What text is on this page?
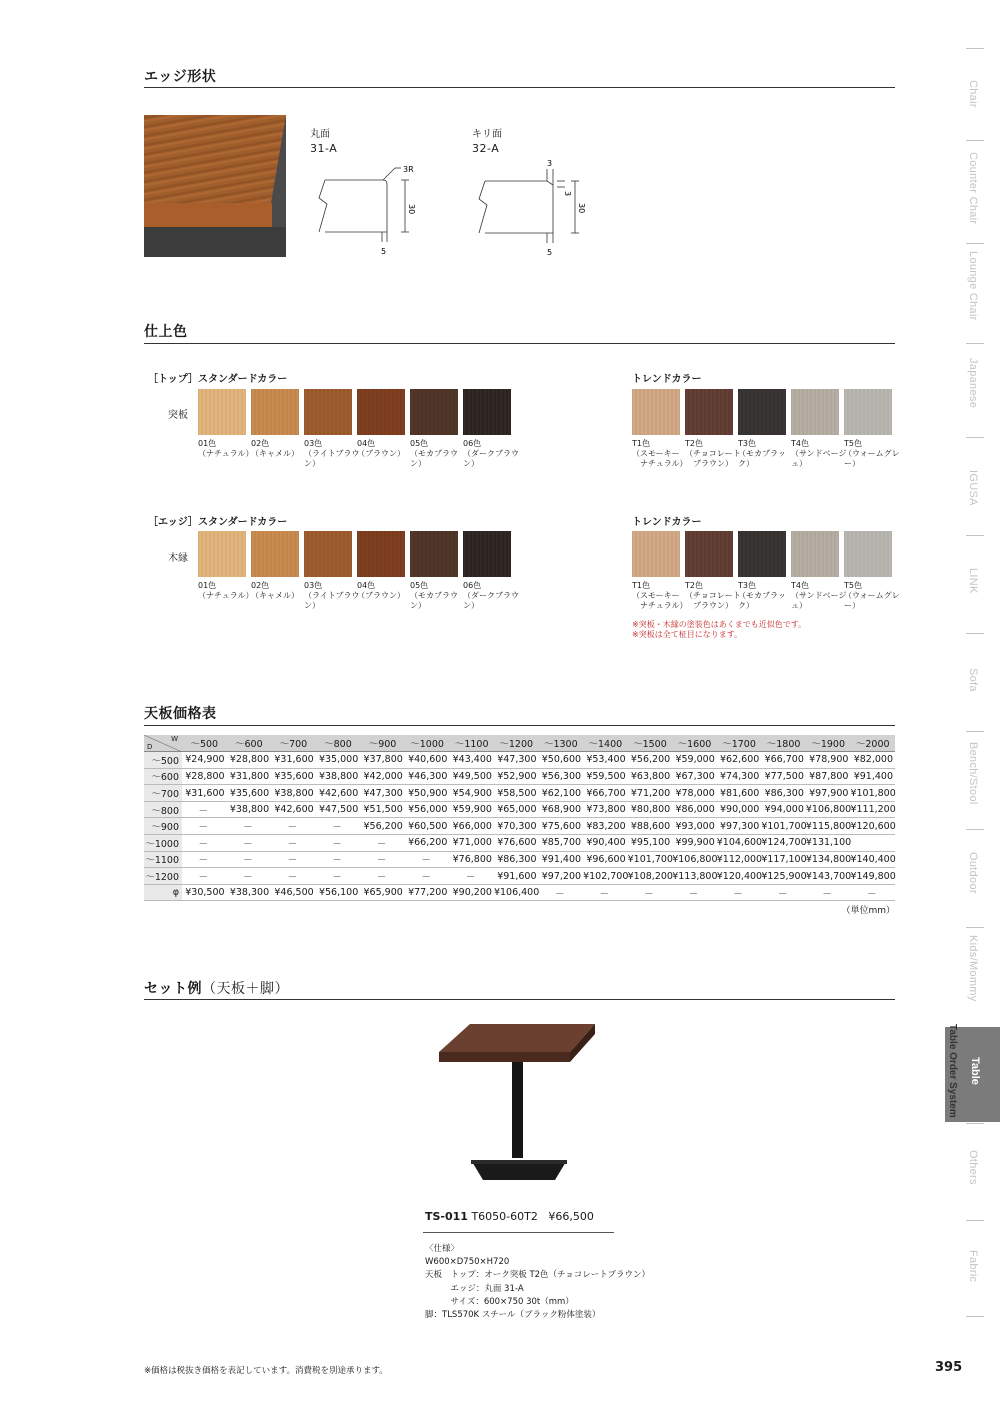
エッジ形状
丸面
31-A
3R
30
5
キリ面
32-A
3
3
30
5
仕上色
［トップ］ スタンダードカラー	トレンドカラー
突板
01色
（ナチュラル）
02色
（キャメル）
03色
（ライトブラウン）
04色
（ブラウン）
05色
（モカブラウン）
06色
（ダークブラウン）
T1色
（スモーキー
　ナチュラル）
T2色
（チョコレート
　ブラウン）
T3色
（モカブラック）
T4色
（サンドベージュ）
T5色
（ウォームグレー）
［エッジ］ スタンダードカラー	トレンドカラー
木縁
01色
（ナチュラル）
02色
（キャメル）
03色
（ライトブラウン）
04色
（ブラウン）
05色
（モカブラウン）
06色
（ダークブラウン）
T1色
（スモーキー
　ナチュラル）
T2色
（チョコレート
　ブラウン）
T3色
（モカブラック）
T4色
（サンドベージュ）
T5色
（ウォームグレー）
※突板・木縁の塗装色はあくまでも近似色です。
※突板は全て柾目になります。
天板価格表
W
D	～500	～600	～700	～800	～900	～1000	～1100	～1200	～1300	～1400	～1500	～1600	～1700	～1800	～1900	～2000
～500	¥24,900	¥28,800	¥31,600	¥35,000	¥37,800	¥40,600	¥43,400	¥47,300	¥50,600	¥53,400	¥56,200	¥59,000	¥62,600	¥66,700	¥78,900	¥82,000
～600	¥28,800	¥31,800	¥35,600	¥38,800	¥42,000	¥46,300	¥49,500	¥52,900	¥56,300	¥59,500	¥63,800	¥67,300	¥74,300	¥77,500	¥87,800	¥91,400
～700	¥31,600	¥35,600	¥38,800	¥42,600	¥47,300	¥50,900	¥54,900	¥58,500	¥62,100	¥66,700	¥71,200	¥78,000	¥81,600	¥86,300	¥97,900	¥101,800
～800	－	¥38,800	¥42,600	¥47,500	¥51,500	¥56,000	¥59,900	¥65,000	¥68,900	¥73,800	¥80,800	¥86,000	¥90,000	¥94,000	¥106,800	¥111,200
～900	－	－	－	－	¥56,200	¥60,500	¥66,000	¥70,300	¥75,600	¥83,200	¥88,600	¥93,000	¥97,300	¥101,700	¥115,800	¥120,600
～1000	－	－	－	－	－	¥66,200	¥71,000	¥76,600	¥85,700	¥90,400	¥95,100	¥99,900	¥104,600	¥124,700	¥131,100	
～1100	－	－	－	－	－	－	¥76,800	¥86,300	¥91,400	¥96,600	¥101,700	¥106,800	¥112,000	¥117,100	¥134,800	¥140,400
～1200	－	－	－	－	－	－	－	¥91,600	¥97,200	¥102,700	¥108,200	¥113,800	¥120,400	¥125,900	¥143,700	¥149,800
φ	¥30,500	¥38,300	¥46,500	¥56,100	¥65,900	¥77,200	¥90,200	¥106,400	－	－	－	－	－	－	－	－
（単位mm）
セット例（天板＋脚）
TS-011 T6050-60T2 ¥66,500
〈仕様〉
W600×D750×H720
天板　トップ：オーク突板 T2色（チョコレートブラウン）
　　　エッジ：丸面 31-A
　　　サイズ：600×750 30t（mm）
脚：TLS570K スチール（ブラック粉体塗装）
※価格は税抜き価格を表記しています。消費税を別途承ります。	395
Chair
Counter Chair
Lounge Chair
Japanese
IGUSA
LINK
Sofa
Bench/Stool
Outdoor
Kids/Mommy
Table
Others
Fabric
Table Order System
